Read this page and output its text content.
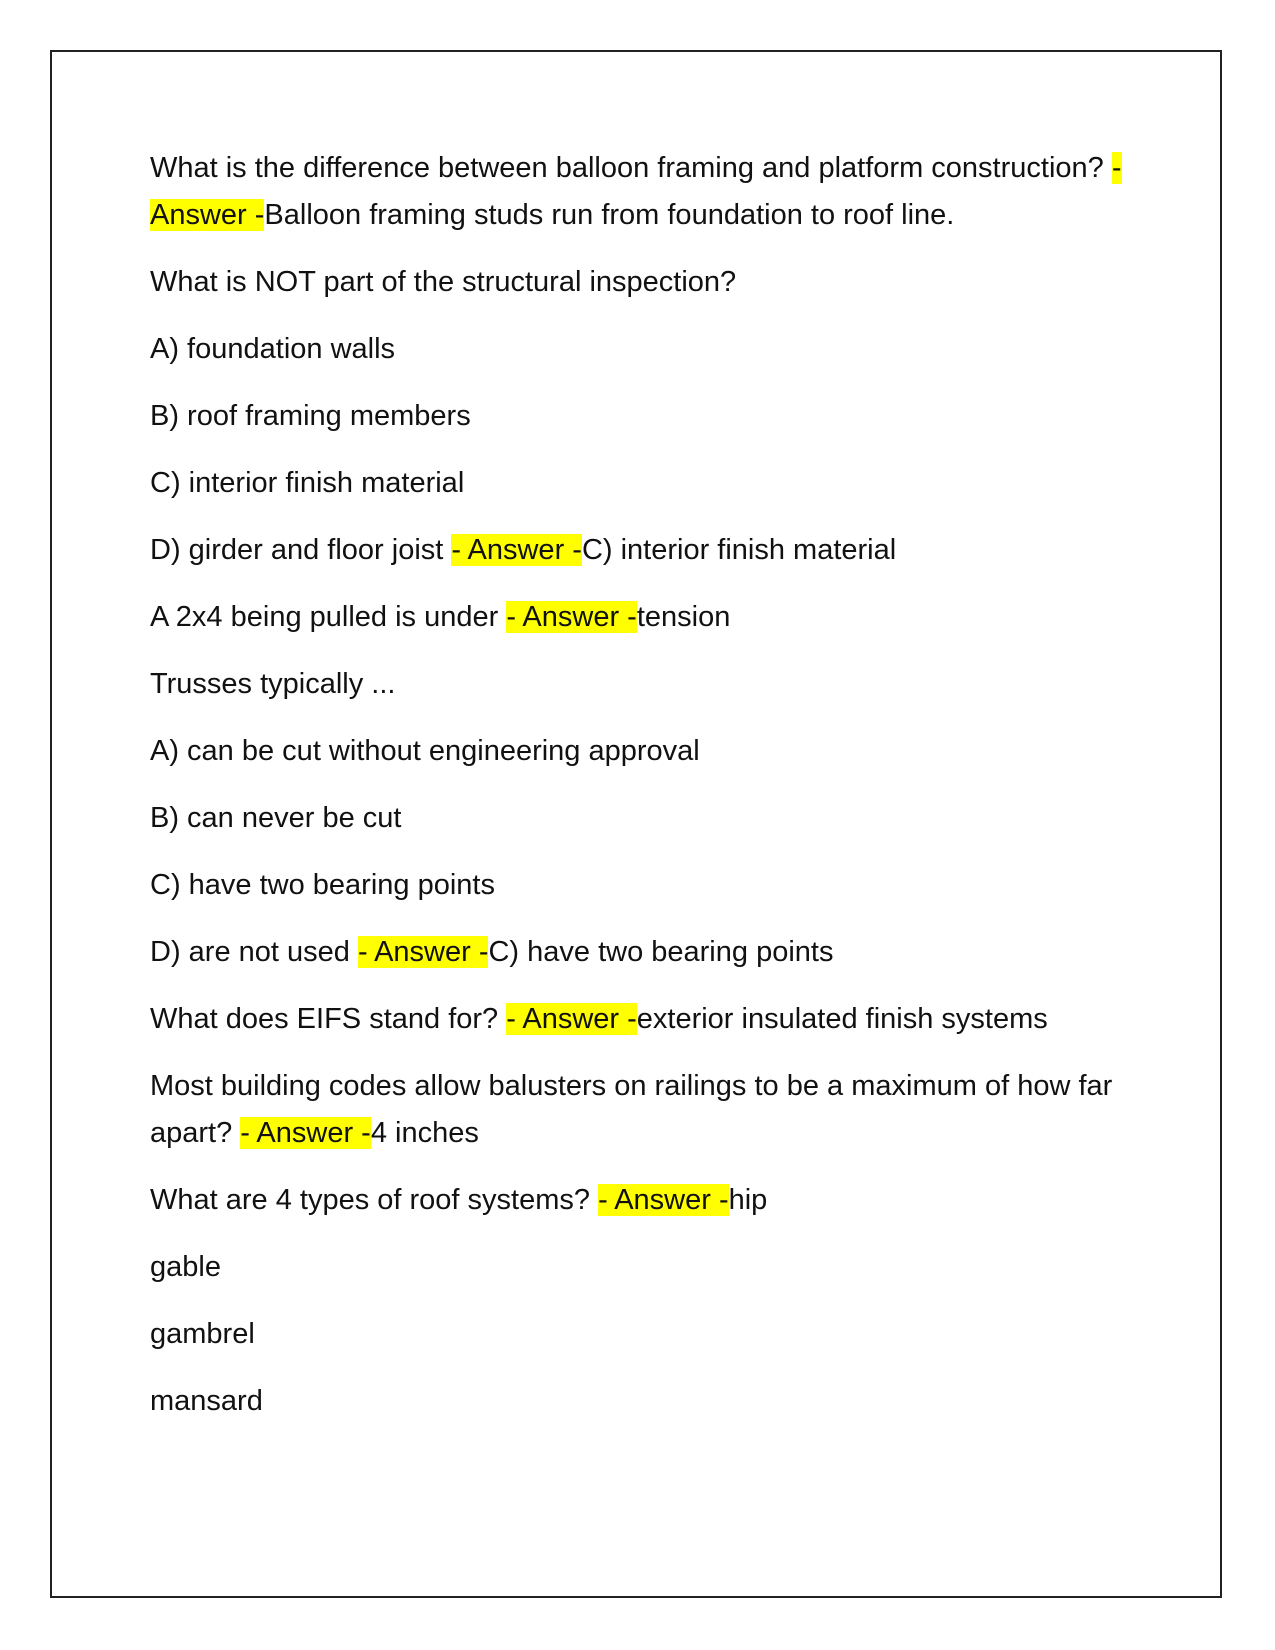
What is the difference between balloon framing and platform construction? - Answer -Balloon framing studs run from foundation to roof line.

What is NOT part of the structural inspection?

A) foundation walls

B) roof framing members

C) interior finish material

D) girder and floor joist - Answer -C) interior finish material

A 2x4 being pulled is under - Answer -tension

Trusses typically ...

A) can be cut without engineering approval

B) can never be cut

C) have two bearing points

D) are not used - Answer -C) have two bearing points

What does EIFS stand for? - Answer -exterior insulated finish systems

Most building codes allow balusters on railings to be a maximum of how far apart? - Answer -4 inches

What are 4 types of roof systems? - Answer -hip

gable

gambrel

mansard
